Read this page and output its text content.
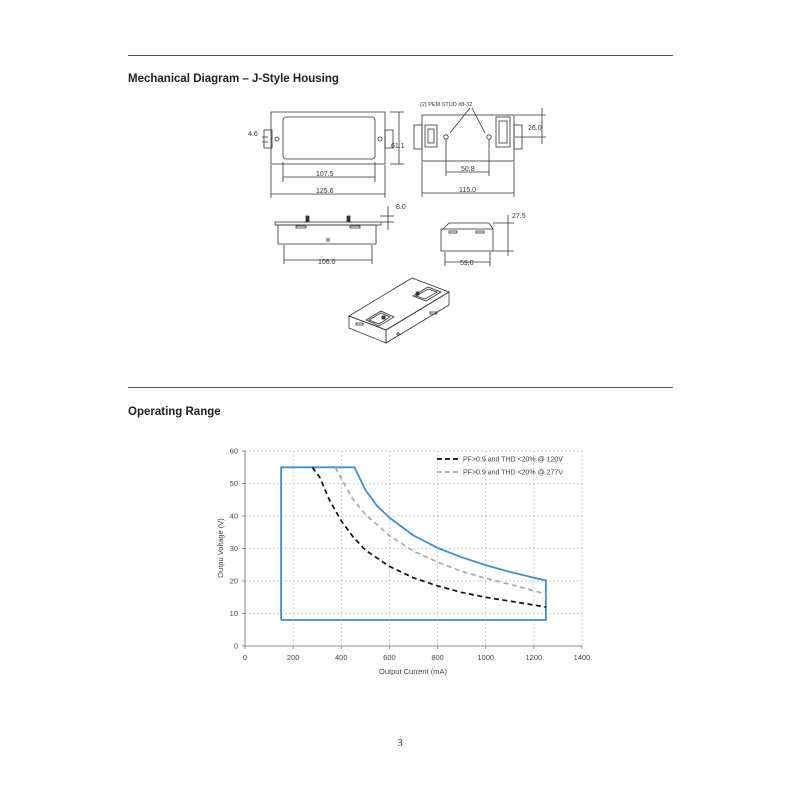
Mechanical Diagram – J-Style Housing
4.6
107.5
125.6
61.1
(2) PEM STUD #8-32
26.0
50.8
115.0
8.0
106.0
27.5
59.0
Operating Range
0	200	400	600	800	1000	1200	1400
0
10
20
30
40
50
60
PF>0.9 and THD <20% @ 120V
PF>0.9 and THD <20% @ 277V
Output Current (mA)
Outpu Voltage (V)
3
